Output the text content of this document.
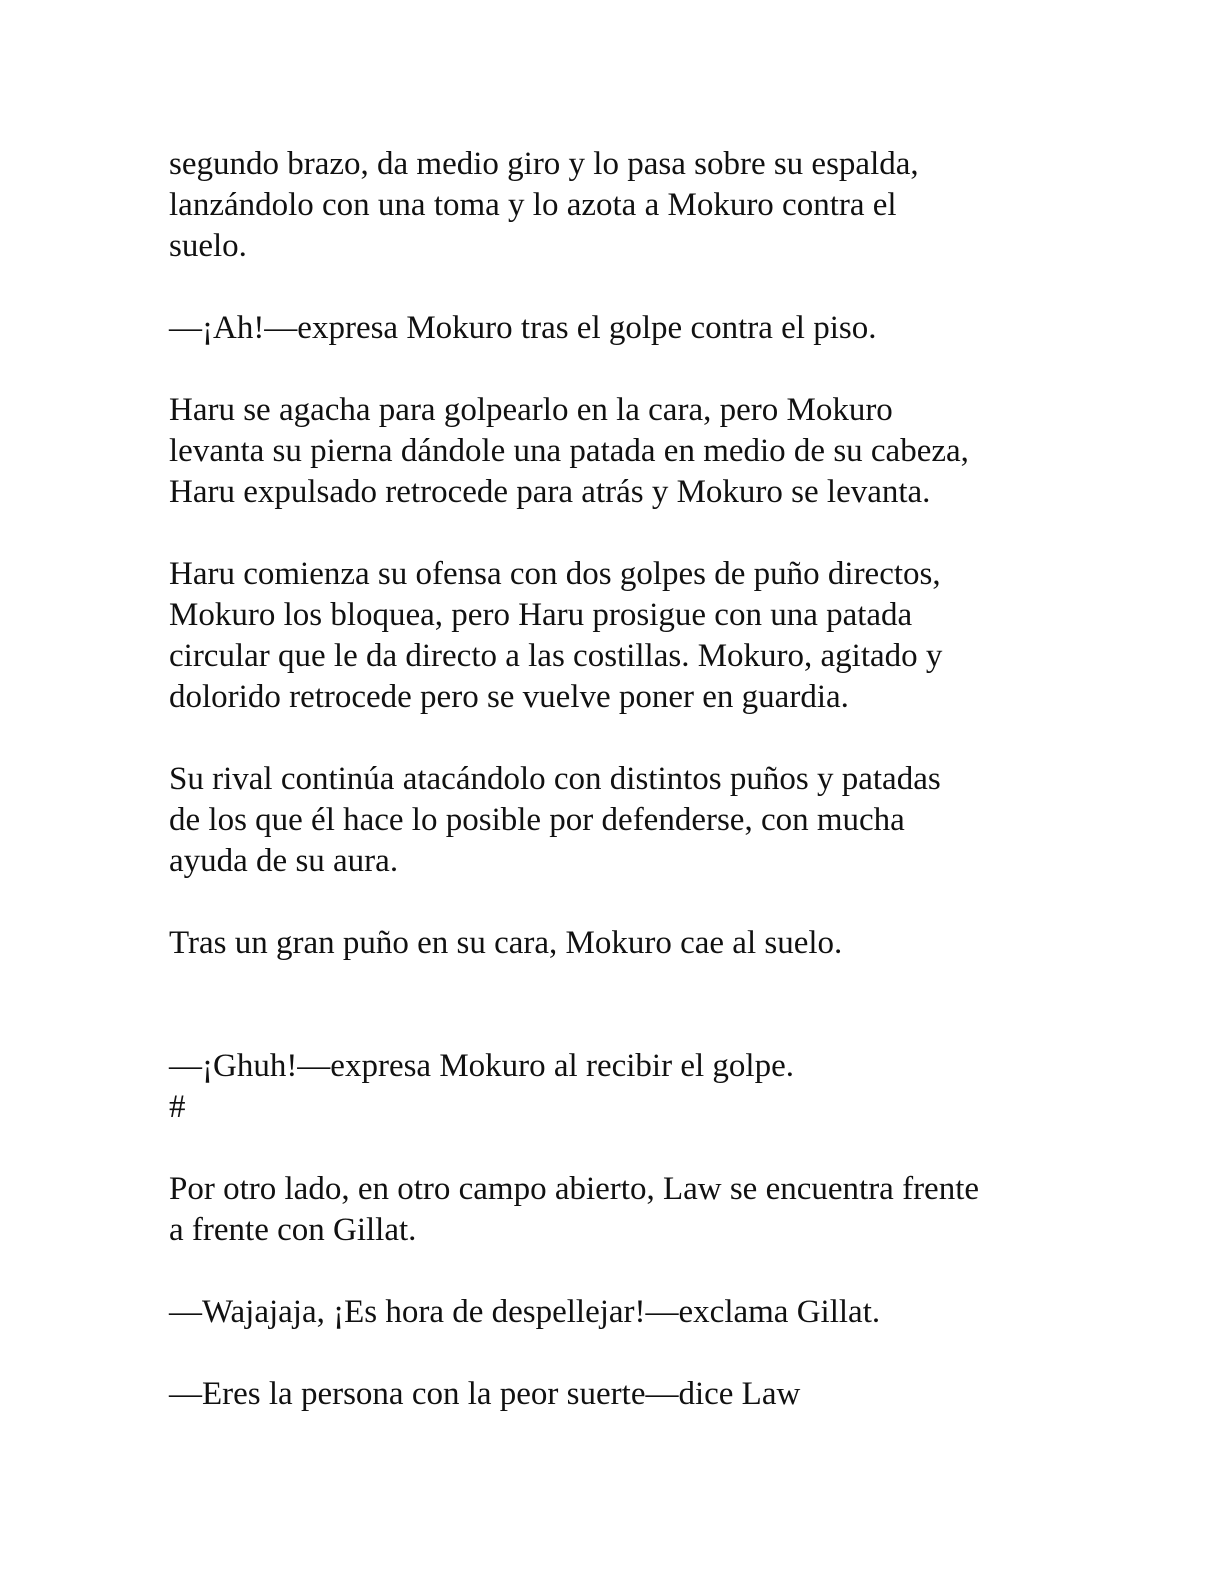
segundo brazo, da medio giro y lo pasa sobre su espalda,
lanzándolo con una toma y lo azota a Mokuro contra el
suelo.

—¡Ah!—expresa Mokuro tras el golpe contra el piso.

Haru se agacha para golpearlo en la cara, pero Mokuro
levanta su pierna dándole una patada en medio de su cabeza,
Haru expulsado retrocede para atrás y Mokuro se levanta.

Haru comienza su ofensa con dos golpes de puño directos,
Mokuro los bloquea, pero Haru prosigue con una patada
circular que le da directo a las costillas. Mokuro, agitado y
dolorido retrocede pero se vuelve poner en guardia.

Su rival continúa atacándolo con distintos puños y patadas
de los que él hace lo posible por defenderse, con mucha
ayuda de su aura.

Tras un gran puño en su cara, Mokuro cae al suelo.

—¡Ghuh!—expresa Mokuro al recibir el golpe.

#

Por otro lado, en otro campo abierto, Law se encuentra frente
a frente con Gillat.

—Wajajaja, ¡Es hora de despellejar!—exclama Gillat.

—Eres la persona con la peor suerte—dice Law
